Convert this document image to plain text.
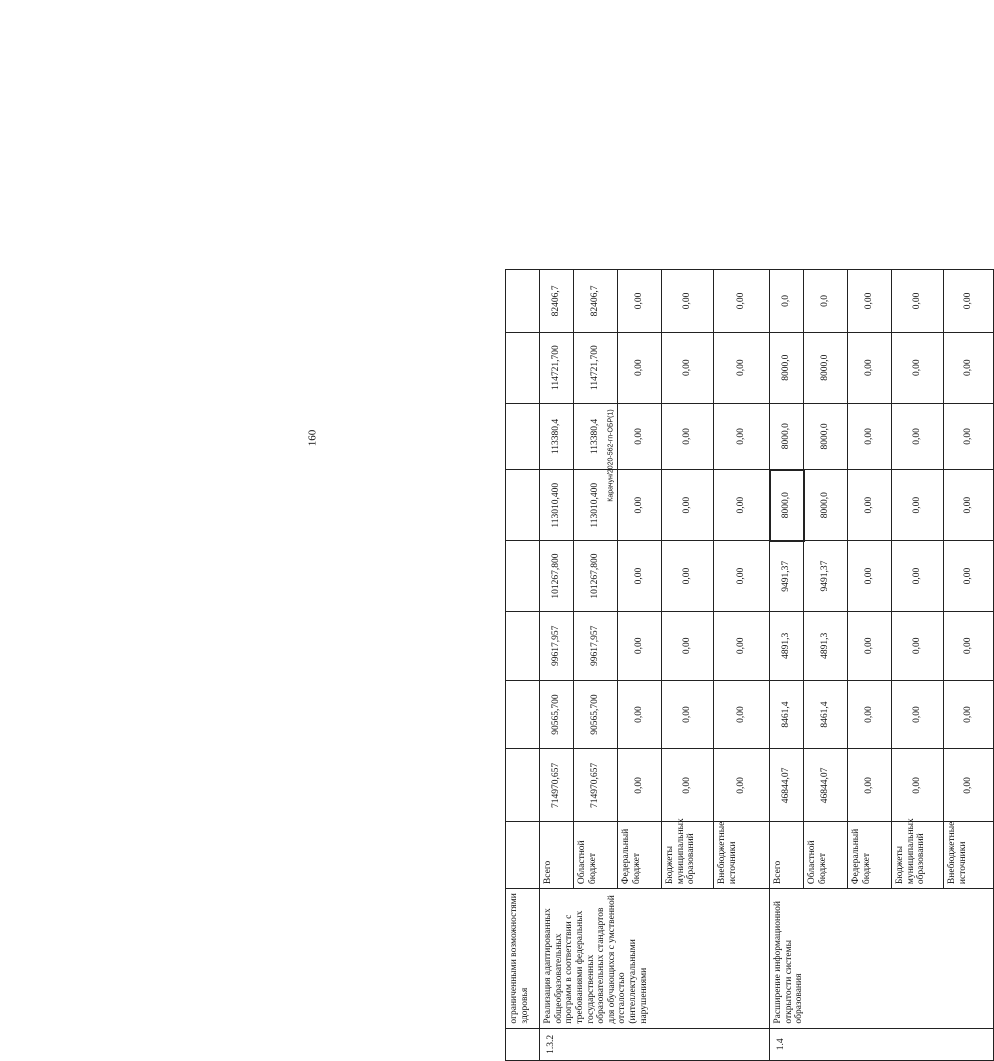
160	Карачун/2020-562-гп-ОБР(1)
	ограниченными возможностями здоровья									
1.3.2	Реализация адаптированных общеобразовательных программ в соответствии с требованиями федеральных государственных образовательных стандартов для обучающихся с умственной отсталостью (интеллектуальными нарушениями	Всего	714970,657	90565,700	99617,957	101267,800	113010,400	113380,4	114721,700	82406,7
		Областной бюджет	714970,657	90565,700	99617,957	101267,800	113010,400	113380,4	114721,700	82406,7
		Федеральный бюджет	0,00	0,00	0,00	0,00	0,00	0,00	0,00	0,00
		Бюджеты муниципальных образований	0,00	0,00	0,00	0,00	0,00	0,00	0,00	0,00
		Внебюджетные источники	0,00	0,00	0,00	0,00	0,00	0,00	0,00	0,00
1.4	Расширение информационной открытости системы образования	Всего	46844,07	8461,4	4891,3	9491,37	8000,0	8000,0	8000,0	0,0
		Областной бюджет	46844,07	8461,4	4891,3	9491,37	8000,0	8000,0	8000,0	0,0
		Федеральный бюджет	0,00	0,00	0,00	0,00	0,00	0,00	0,00	0,00
		Бюджеты муниципальных образований	0,00	0,00	0,00	0,00	0,00	0,00	0,00	0,00
		Внебюджетные источники	0,00	0,00	0,00	0,00	0,00	0,00	0,00	0,00
